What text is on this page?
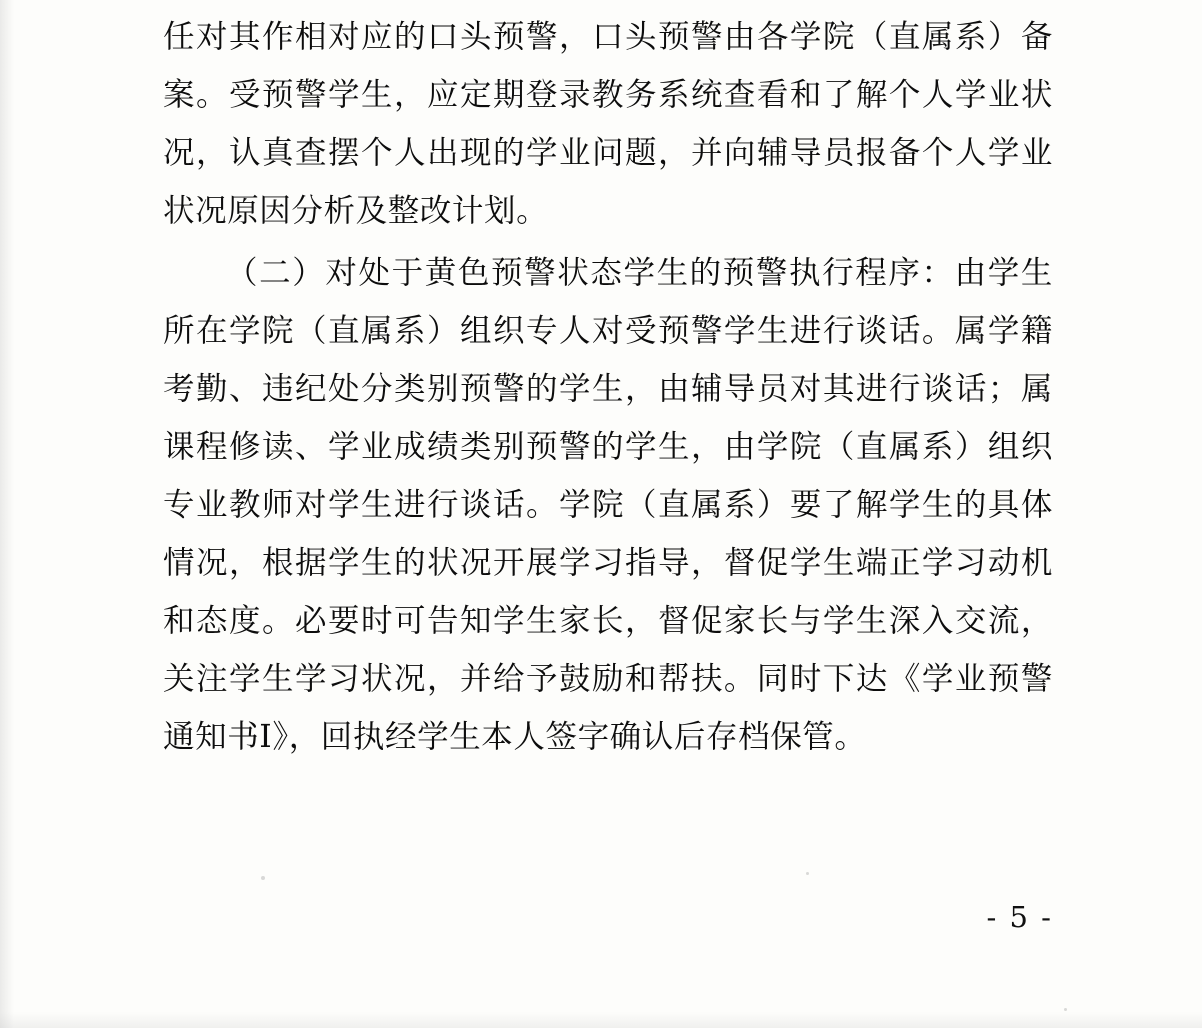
任对其作相对应的口头预警，口头预警由各学院（直属系）备案。受预警学生，应定期登录教务系统查看和了解个人学业状况，认真查摆个人出现的学业问题，并向辅导员报备个人学业状况原因分析及整改计划。

（二）对处于黄色预警状态学生的预警执行程序：由学生所在学院（直属系）组织专人对受预警学生进行谈话。属学籍考勤、违纪处分类别预警的学生，由辅导员对其进行谈话；属课程修读、学业成绩类别预警的学生，由学院（直属系）组织专业教师对学生进行谈话。学院（直属系）要了解学生的具体情况，根据学生的状况开展学习指导，督促学生端正学习动机和态度。必要时可告知学生家长，督促家长与学生深入交流，关注学生学习状况，并给予鼓励和帮扶。同时下达《学业预警通知书Ⅰ》，回执经学生本人签字确认后存档保管。

- 5 -
